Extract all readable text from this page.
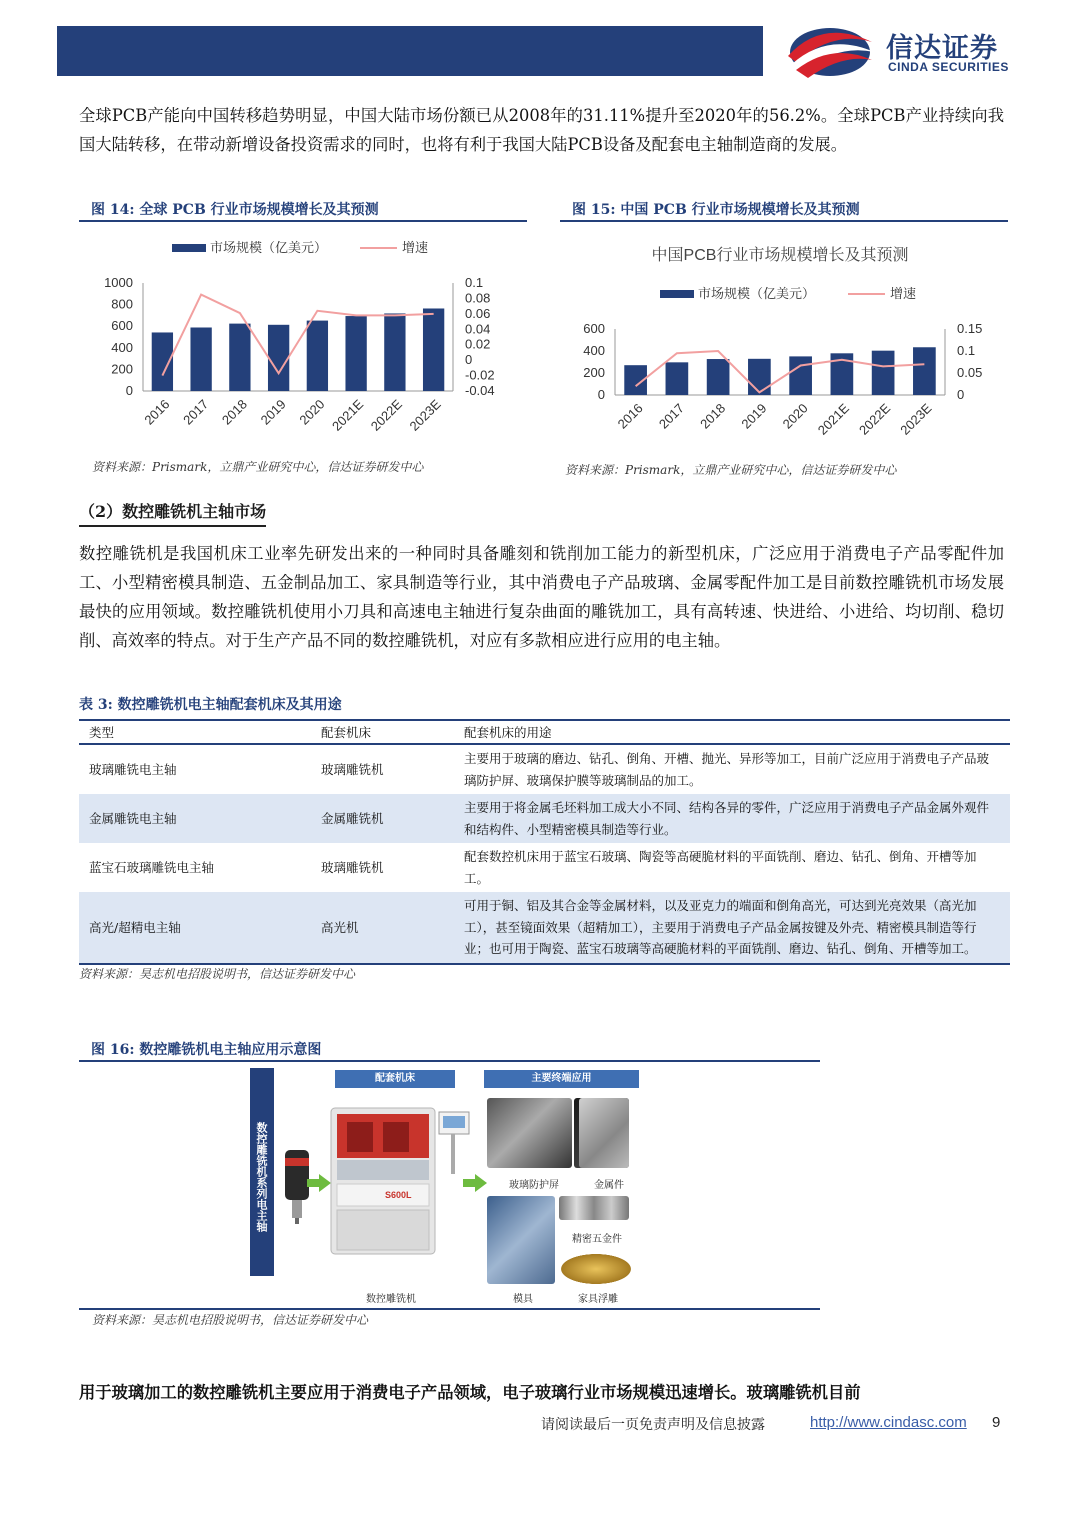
信达证券
CINDA SECURITIES

全球PCB产能向中国转移趋势明显，中国大陆市场份额已从2008年的31.11%提升至2020年的56.2%。全球PCB产业持续向我国大陆转移，在带动新增设备投资需求的同时，也将有利于我国大陆PCB设备及配套电主轴制造商的发展。

图 14: 全球 PCB 行业市场规模增长及其预测
市场规模（亿美元）	增速
1000
800
600
400
200
0
0.1
0.08
0.06
0.04
0.02
0
-0.02
-0.04
2016 2017 2018 2019 2020 2021E 2022E 2023E
资料来源：Prismark，立鼎产业研究中心，信达证券研发中心
图 15: 中国 PCB 行业市场规模增长及其预测
中国PCB行业市场规模增长及其预测
市场规模（亿美元）	增速
600
400
200
0
0.15
0.1
0.05
0
2016 2017 2018 2019 2020 2021E 2022E 2023E
资料来源：Prismark，立鼎产业研究中心，信达证券研发中心
（2）数控雕铣机主轴市场

数控雕铣机是我国机床工业率先研发出来的一种同时具备雕刻和铣削加工能力的新型机床，广泛应用于消费电子产品零配件加工、小型精密模具制造、五金制品加工、家具制造等行业，其中消费电子产品玻璃、金属零配件加工是目前数控雕铣机市场发展最快的应用领域。数控雕铣机使用小刀具和高速电主轴进行复杂曲面的雕铣加工，具有高转速、快进给、小进给、均切削、稳切削、高效率的特点。对于生产产品不同的数控雕铣机，对应有多款相应进行应用的电主轴。

表 3: 数控雕铣机电主轴配套机床及其用途
类型	配套机床	配套机床的用途
玻璃雕铣电主轴	玻璃雕铣机	主要用于玻璃的磨边、钻孔、倒角、开槽、抛光、异形等加工，目前广泛应用于消费电子产品玻璃防护屏、玻璃保护膜等玻璃制品的加工。
金属雕铣电主轴	金属雕铣机	主要用于将金属毛坯料加工成大小不同、结构各异的零件，广泛应用于消费电子产品金属外观件和结构件、小型精密模具制造等行业。
蓝宝石玻璃雕铣电主轴	玻璃雕铣机	配套数控机床用于蓝宝石玻璃、陶瓷等高硬脆材料的平面铣削、磨边、钻孔、倒角、开槽等加工。
高光/超精电主轴	高光机	可用于铜、铝及其合金等金属材料，以及亚克力的端面和倒角高光，可达到光亮效果（高光加工），甚至镜面效果（超精加工），主要用于消费电子产品金属按键及外壳、精密模具制造等行业；也可用于陶瓷、蓝宝石玻璃等高硬脆材料的平面铣削、磨边、钻孔、倒角、开槽等加工。
资料来源：昊志机电招股说明书，信达证券研发中心
图 16: 数控雕铣机电主轴应用示意图
数控雕铣机系列电主轴
配套机床	主要终端应用
S600L
玻璃防护屏	金属件
精密五金件
数控雕铣机	模具	家具浮雕
资料来源：昊志机电招股说明书，信达证券研发中心

用于玻璃加工的数控雕铣机主要应用于消费电子产品领域，电子玻璃行业市场规模迅速增长。玻璃雕铣机目前

请阅读最后一页免责声明及信息披露	http://www.cindasc.com 9
